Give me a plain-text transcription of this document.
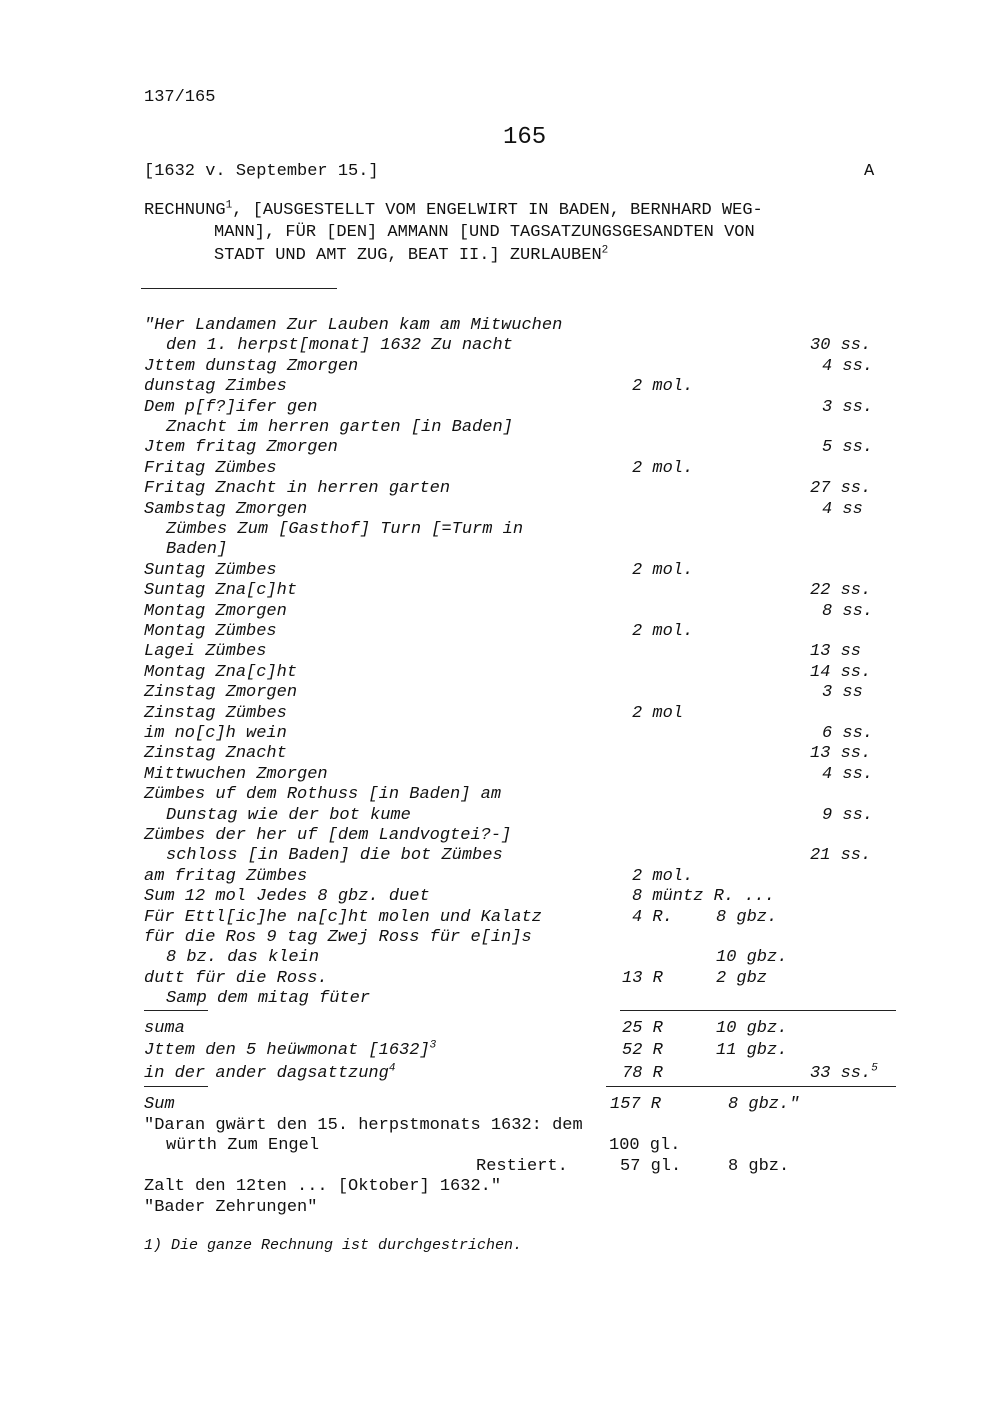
137/165
165
[1632 v. September 15.]	A
RECHNUNG$^1$, [AUSGESTELLT VOM ENGELWIRT IN BADEN, BERNHARD WEG-
MANN], FÜR [DEN] AMMANN [UND TAGSATZUNGSGESANDTEN VON
STADT UND AMT ZUG, BEAT II.] ZURLAUBEN$^2$
"Her Landamen Zur Lauben kam am Mitwuchen
den 1. herpst[monat] 1632 Zu nacht	30 ss.
Jttem dunstag Zmorgen	4 ss.
dunstag Zimbes	2 mol.
Dem p[f?]ifer gen	3 ss.
Znacht im herren garten [in Baden]
Jtem fritag Zmorgen	5 ss.
Fritag Zümbes	2 mol.
Fritag Znacht in herren garten	27 ss.
Sambstag Zmorgen	4 ss
Zümbes Zum [Gasthof] Turn [=Turm in
Baden]
Suntag Zümbes	2 mol.
Suntag Zna[c]ht	22 ss.
Montag Zmorgen	8 ss.
Montag Zümbes	2 mol.
Lagei Zümbes	13 ss
Montag Zna[c]ht	14 ss.
Zinstag Zmorgen	3 ss
Zinstag Zümbes	2 mol
im no[c]h wein	6 ss.
Zinstag Znacht	13 ss.
Mittwuchen Zmorgen	4 ss.
Zümbes uf dem Rothuss [in Baden] am
Dunstag wie der bot kume	9 ss.
Zümbes der her uf [dem Landvogtei?-]
schloss [in Baden] die bot Zümbes	21 ss.
am fritag Zümbes	2 mol.
Sum 12 mol Jedes 8 gbz. duet	8 müntz R. ...
Für Ettl[ic]he na[c]ht molen und Kalatz	4 R.	8 gbz.
für die Ros 9 tag Zwej Ross für e[in]s
8 bz. das klein	10 gbz.
dutt für die Ross.	13 R	2 gbz
Samp dem mitag füter
suma	25 R	10 gbz.
Jttem den 5 heüwmonat $[1632]^3$	52 R	11 gbz.
in der ander dagsattzung$^4$	78 R	33 ss.$^5$
Sum	157 R	8 gbz."
"Daran gwärt den 15. herpstmonats 1632: dem
würth Zum Engel	100 gl.
Restiert.	57 gl.	8 gbz.
Zalt den 12ten ... [Oktober] 1632."
"Bader Zehrungen"
1) Die ganze Rechnung ist durchgestrichen.
